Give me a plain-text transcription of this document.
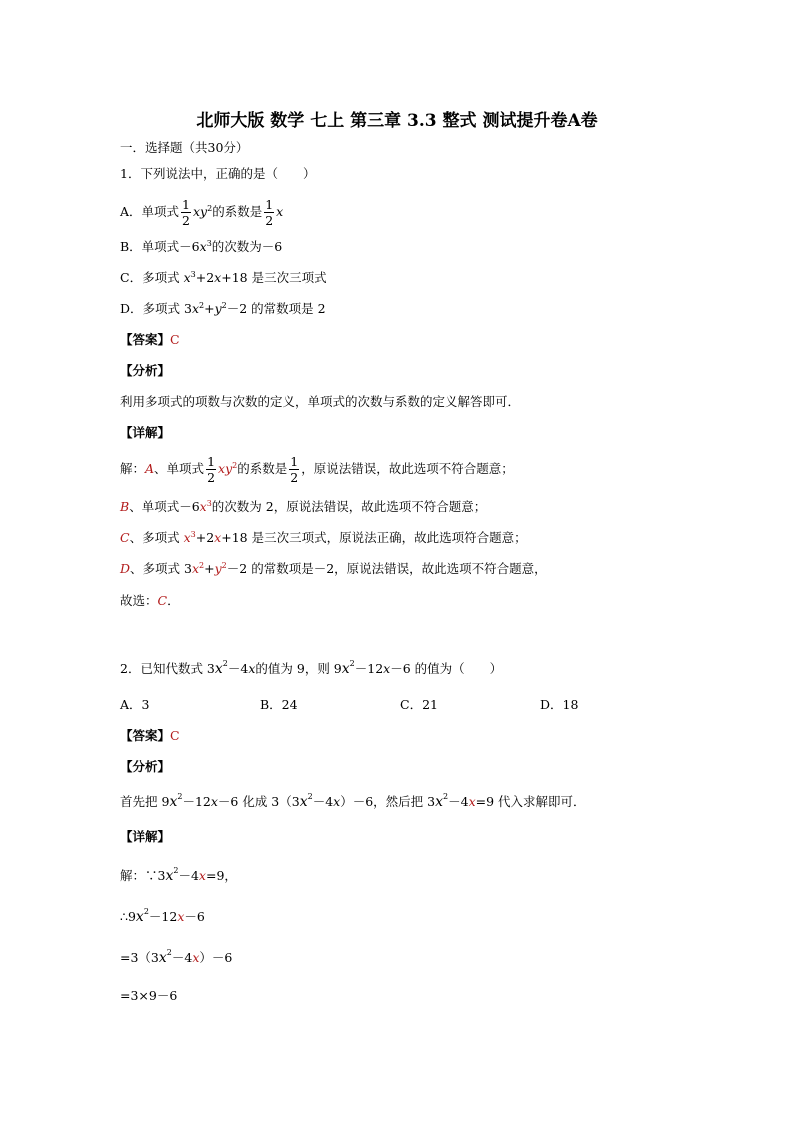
北师大版 数学 七上 第三章 3.3 整式 测试提升卷A卷
一．选择题（共30分）
1．下列说法中，正确的是（　　）
A．单项式 $\frac{1}{2} xy^2$的系数是 $\frac{1}{2}$ x
B．单项式$-6x^3$的次数为－6
C．多项式 $x^3+2x+18$ 是三次三项式
D．多项式 $3x^2+y^2-2$ 的常数项是 2
【答案】C
【分析】
利用多项式的项数与次数的定义，单项式的次数与系数的定义解答即可．
【详解】
解：A、单项式 $\frac{1}{2} xy^2$的系数是 $\frac{1}{2}$ ，原说法错误，故此选项不符合题意；
B、单项式$-6x^3$的次数为 2，原说法错误，故此选项不符合题意；
C、多项式 $x^3+2x+18$ 是三次三项式，原说法正确，故此选项符合题意；
D、多项式 $3x^2+y^2-2$ 的常数项是－2，原说法错误，故此选项不符合题意，
故选：C．
2．已知代数式 $3x^2-4x$的值为 9，则 $9x^2-12x-6$ 的值为（　　）
A．3	B．24	C．21	D．18
【答案】C
【分析】
首先把 $9x^2-12x-6$ 化成 $3(3x^2-4x)-6$，然后把 $3x^2-4x=9$ 代入求解即可．
【详解】
解：$\because 3x^2-4x=9$，
$\therefore 9x^2-12x-6$
$=3(3x^2-4x)-6$
=3×9－6
